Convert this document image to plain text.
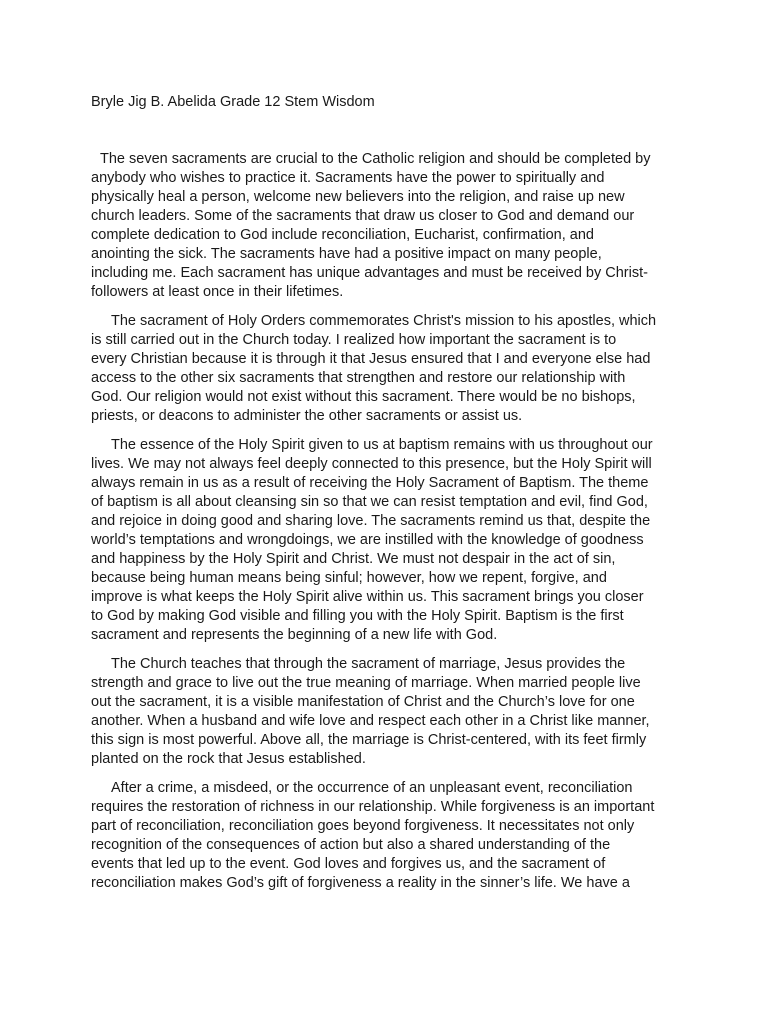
Bryle Jig B. Abelida Grade 12 Stem Wisdom

The seven sacraments are crucial to the Catholic religion and should be completed by
anybody who wishes to practice it. Sacraments have the power to spiritually and
physically heal a person, welcome new believers into the religion, and raise up new
church leaders. Some of the sacraments that draw us closer to God and demand our
complete dedication to God include reconciliation, Eucharist, confirmation, and
anointing the sick. The sacraments have had a positive impact on many people,
including me. Each sacrament has unique advantages and must be received by Christ-
followers at least once in their lifetimes.

The sacrament of Holy Orders commemorates Christ's mission to his apostles, which
is still carried out in the Church today. I realized how important the sacrament is to
every Christian because it is through it that Jesus ensured that I and everyone else had
access to the other six sacraments that strengthen and restore our relationship with
God. Our religion would not exist without this sacrament. There would be no bishops,
priests, or deacons to administer the other sacraments or assist us.

The essence of the Holy Spirit given to us at baptism remains with us throughout our
lives. We may not always feel deeply connected to this presence, but the Holy Spirit will
always remain in us as a result of receiving the Holy Sacrament of Baptism. The theme
of baptism is all about cleansing sin so that we can resist temptation and evil, find God,
and rejoice in doing good and sharing love. The sacraments remind us that, despite the
world’s temptations and wrongdoings, we are instilled with the knowledge of goodness
and happiness by the Holy Spirit and Christ. We must not despair in the act of sin,
because being human means being sinful; however, how we repent, forgive, and
improve is what keeps the Holy Spirit alive within us. This sacrament brings you closer
to God by making God visible and filling you with the Holy Spirit. Baptism is the first
sacrament and represents the beginning of a new life with God.

The Church teaches that through the sacrament of marriage, Jesus provides the
strength and grace to live out the true meaning of marriage. When married people live
out the sacrament, it is a visible manifestation of Christ and the Church’s love for one
another. When a husband and wife love and respect each other in a Christ like manner,
this sign is most powerful. Above all, the marriage is Christ-centered, with its feet firmly
planted on the rock that Jesus established.

After a crime, a misdeed, or the occurrence of an unpleasant event, reconciliation
requires the restoration of richness in our relationship. While forgiveness is an important
part of reconciliation, reconciliation goes beyond forgiveness. It necessitates not only
recognition of the consequences of action but also a shared understanding of the
events that led up to the event. God loves and forgives us, and the sacrament of
reconciliation makes God’s gift of forgiveness a reality in the sinner’s life. We have a
